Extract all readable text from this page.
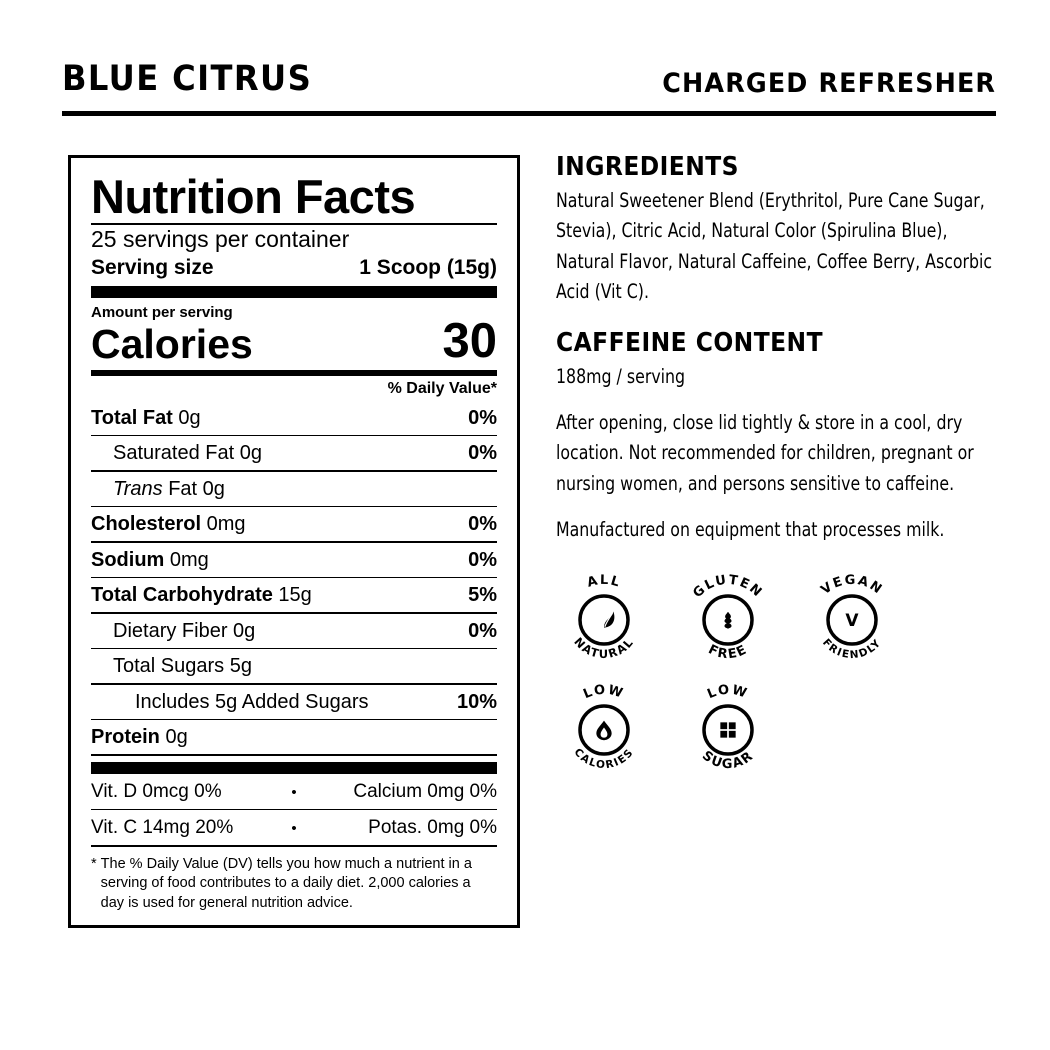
BLUE CITRUS	CHARGED REFRESHER
Nutrition Facts
25 servings per container
Serving size	1 Scoop (15g)
Amount per serving
Calories	30
% Daily Value*
Total Fat 0g	0%
Saturated Fat 0g	0%
Trans Fat 0g
Cholesterol 0mg	0%
Sodium 0mg	0%
Total Carbohydrate 15g	5%
Dietary Fiber 0g	0%
Total Sugars 5g
Includes 5g Added Sugars	10%
Protein 0g
Vit. D 0mcg 0%	•	Calcium 0mg 0%
Vit. C 14mg 20%	•	Potas. 0mg 0%
* The % Daily Value (DV) tells you how much a nutrient in a serving of food contributes to a daily diet. 2,000 calories a day is used for general nutrition advice.
INGREDIENTS

Natural Sweetener Blend (Erythritol, Pure Cane Sugar, Stevia), Citric Acid, Natural Color (Spirulina Blue), Natural Flavor, Natural Caffeine, Coffee Berry, Ascorbic Acid (Vit C).

CAFFEINE CONTENT

188mg / serving

After opening, close lid tightly & store in a cool, dry location. Not recommended for children, pregnant or nursing women, and persons sensitive to caffeine.

Manufactured on equipment that processes milk.

ALL
NATURAL
GLUTEN
FREE
V
VEGAN
FRIENDLY
LOW
CALORIES
LOW
SUGAR
